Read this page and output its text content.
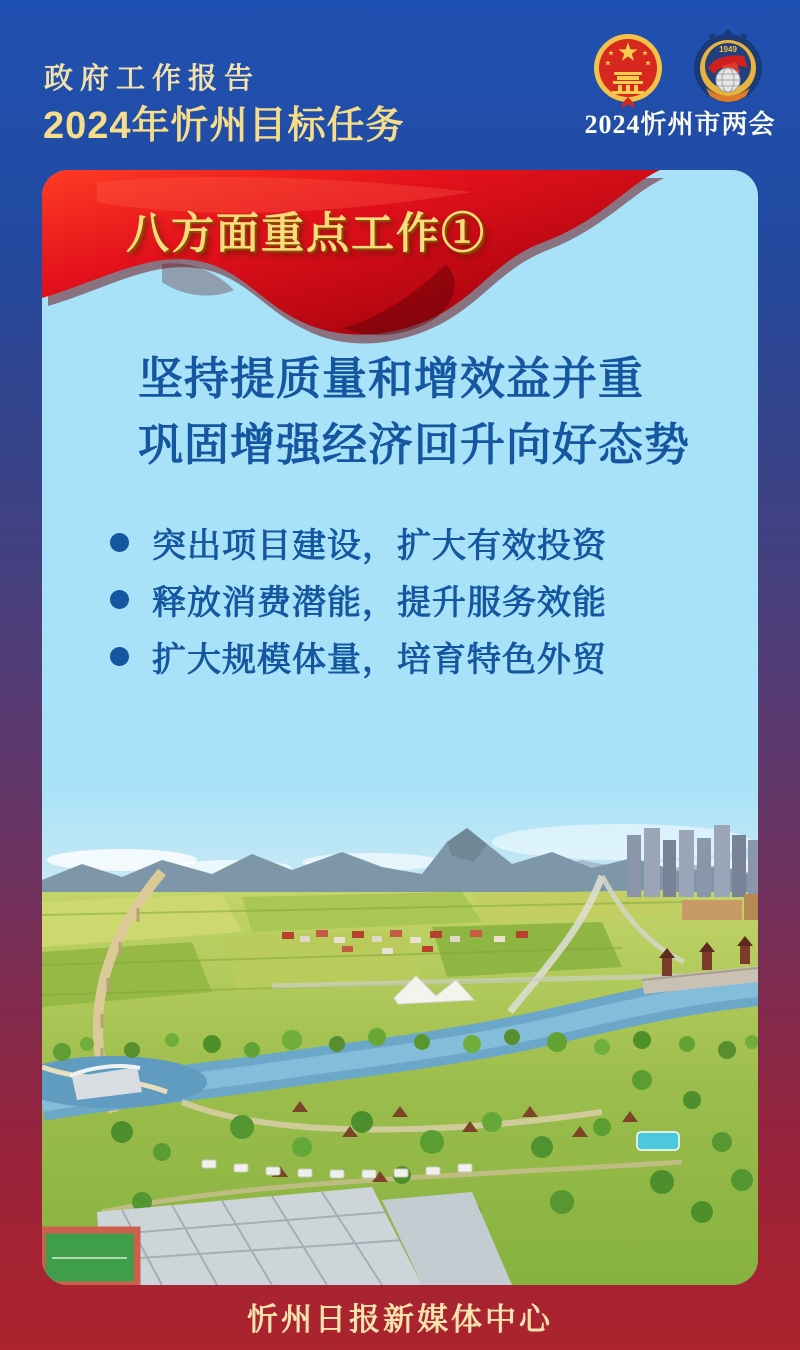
政府工作报告
2024年忻州目标任务
1949
2024忻州市两会
八方面重点工作①
坚持提质量和增效益并重
巩固增强经济回升向好态势
突出项目建设，扩大有效投资
释放消费潜能，提升服务效能
扩大规模体量，培育特色外贸
忻州日报新媒体中心
